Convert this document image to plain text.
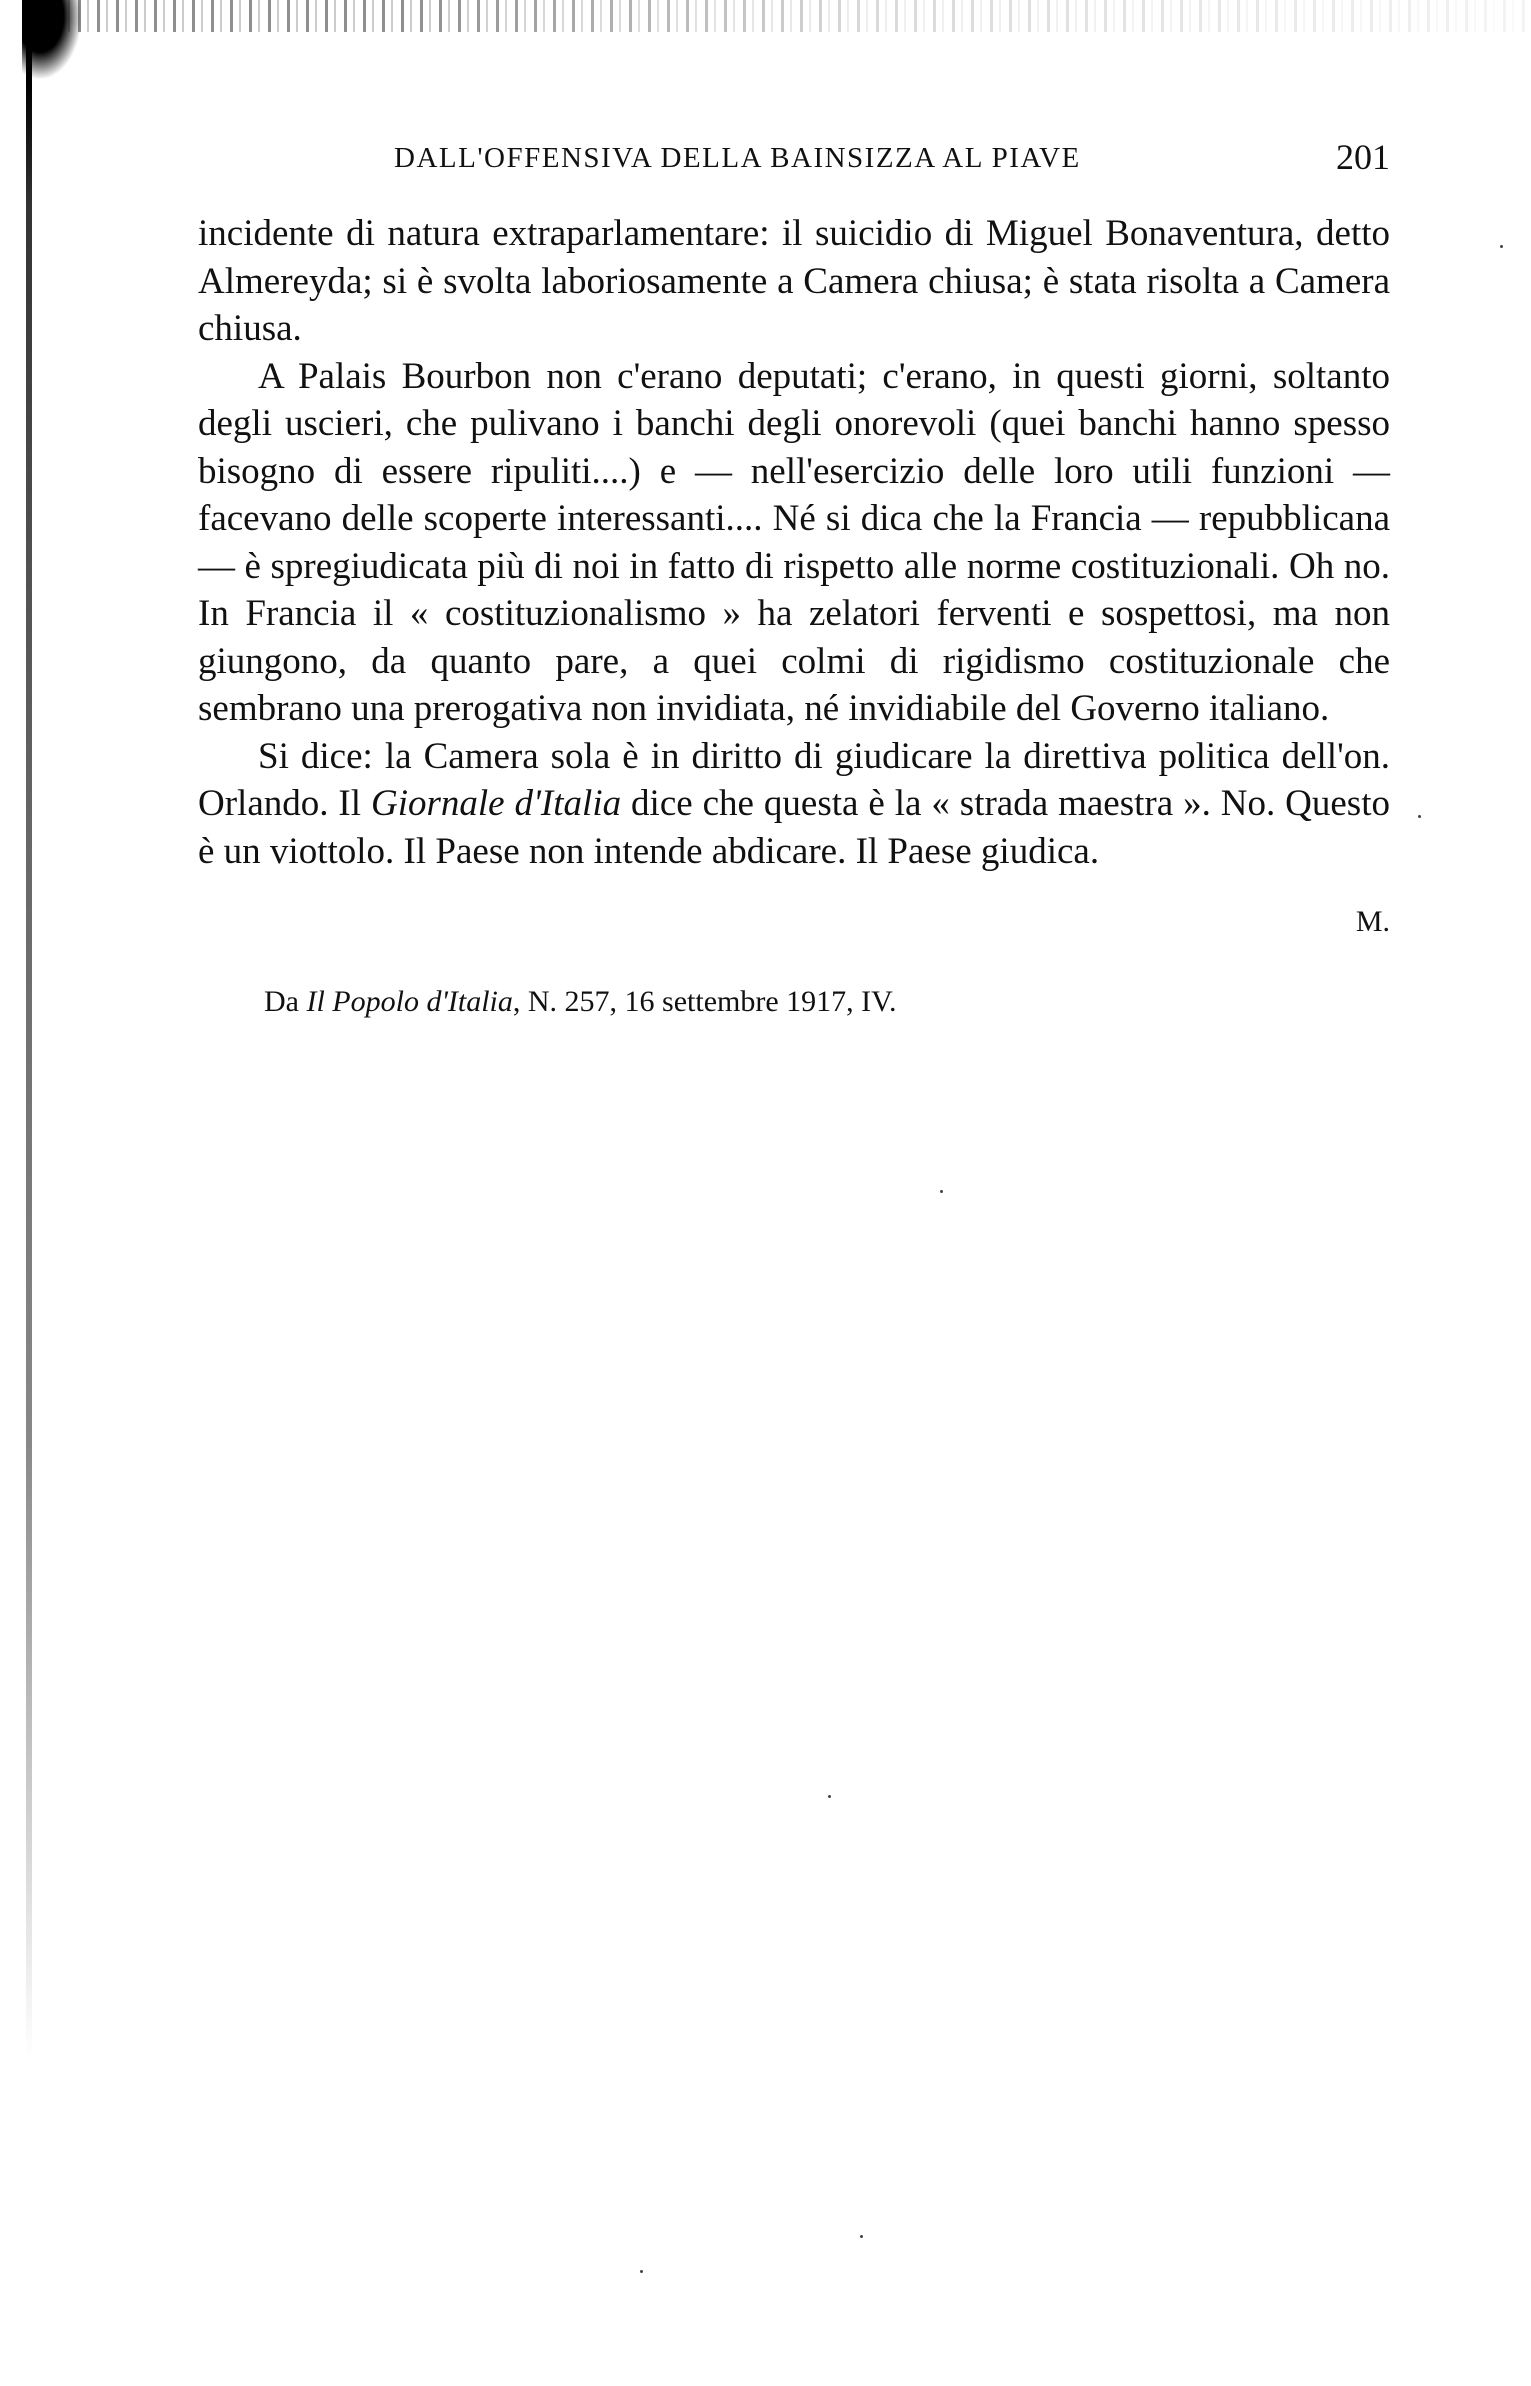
DALL'OFFENSIVA DELLA BAINSIZZA AL PIAVE	201

incidente di natura extraparlamentare: il suicidio di Miguel Bonaventura, detto Almereyda; si è svolta laboriosamente a Camera chiusa; è stata risolta a Camera chiusa.

A Palais Bourbon non c'erano deputati; c'erano, in questi giorni, soltanto degli uscieri, che pulivano i banchi degli onorevoli (quei banchi hanno spesso bisogno di essere ripuliti....) e — nell'esercizio delle loro utili funzioni — facevano delle scoperte interessanti.... Né si dica che la Francia — repubblicana — è spregiudicata più di noi in fatto di rispetto alle norme costituzionali. Oh no. In Francia il « costituzionalismo » ha zelatori ferventi e sospettosi, ma non giungono, da quanto pare, a quei colmi di rigidismo costituzionale che sembrano una prerogativa non invidiata, né invidiabile del Governo italiano.

Si dice: la Camera sola è in diritto di giudicare la direttiva politica dell'on. Orlando. Il Giornale d'Italia dice che questa è la « strada maestra ». No. Questo è un viottolo. Il Paese non intende abdicare. Il Paese giudica.

M.
Da Il Popolo d'Italia, N. 257, 16 settembre 1917, IV.
